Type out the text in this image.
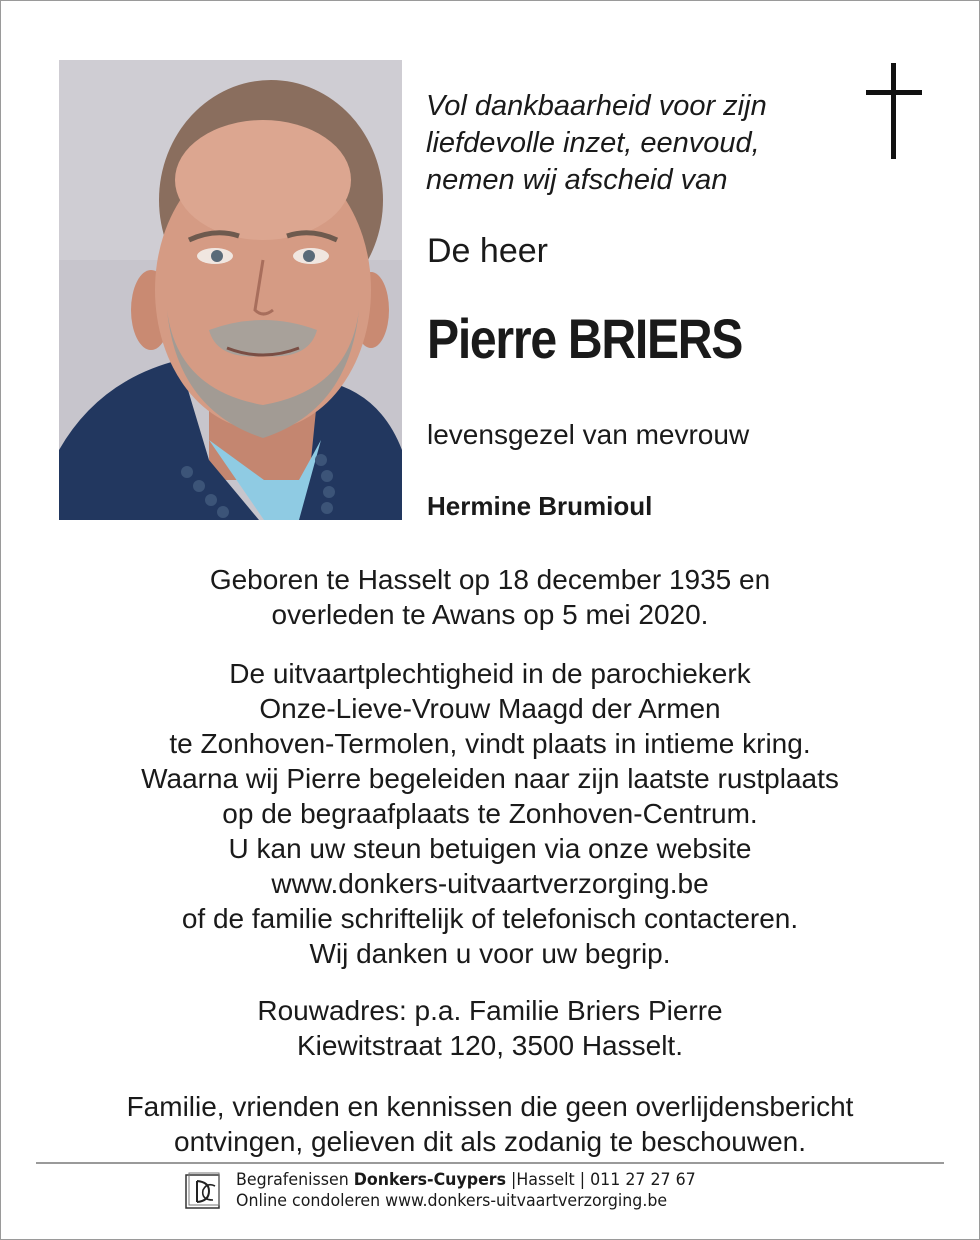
Vol dankbaarheid voor zijn
liefdevolle inzet, eenvoud,
nemen wij afscheid van

De heer

Pierre BRIERS

levensgezel van mevrouw

Hermine Brumioul

Geboren te Hasselt op 18 december 1935 en
overleden te Awans op 5 mei 2020.
De uitvaartplechtigheid in de parochiekerk
Onze-Lieve-Vrouw Maagd der Armen
te Zonhoven-Termolen, vindt plaats in intieme kring.
Waarna wij Pierre begeleiden naar zijn laatste rustplaats
op de begraafplaats te Zonhoven-Centrum.
U kan uw steun betuigen via onze website
www.donkers-uitvaartverzorging.be
of de familie schriftelijk of telefonisch contacteren.
Wij danken u voor uw begrip.
Rouwadres: p.a. Familie Briers Pierre
Kiewitstraat 120, 3500 Hasselt.
Familie, vrienden en kennissen die geen overlijdensbericht
ontvingen, gelieven dit als zodanig te beschouwen.
Begrafenissen Donkers-Cuypers |Hasselt | 011 27 27 67
Online condoleren www.donkers-uitvaartverzorging.be
